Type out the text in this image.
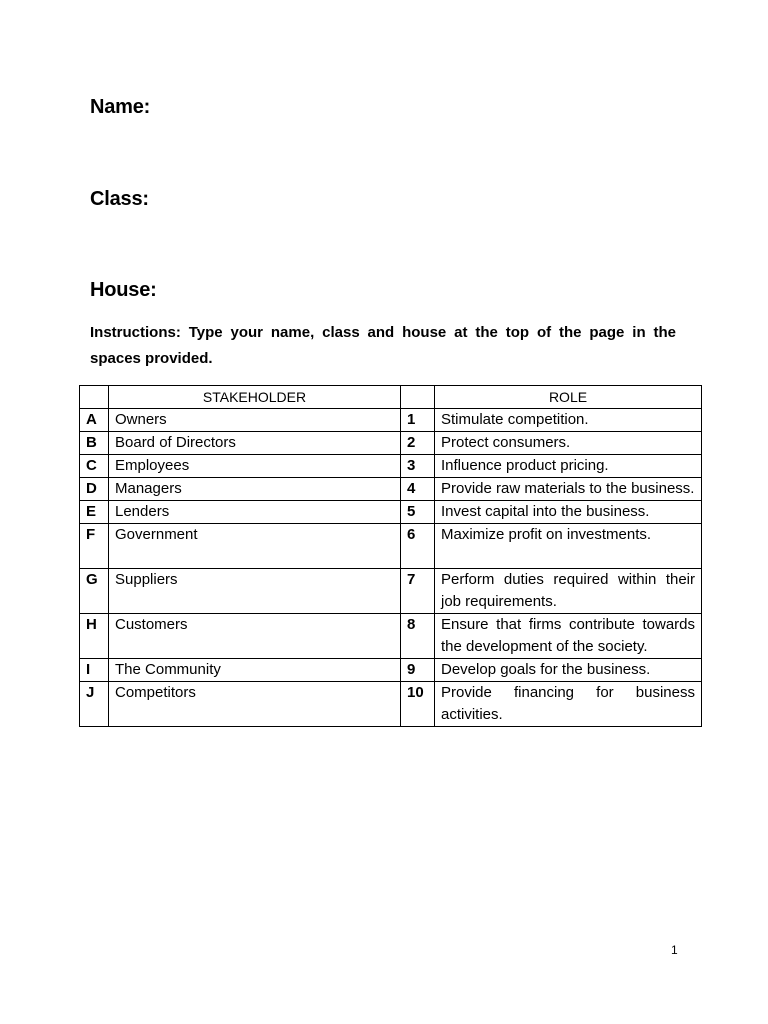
Name:
Class:
House:
Instructions: Type your name, class and house at the top of the page in the spaces provided.
	STAKEHOLDER		ROLE
A	Owners	1	Stimulate competition.
B	Board of Directors	2	Protect consumers.
C	Employees	3	Influence product pricing.
D	Managers	4	Provide raw materials to the business.
E	Lenders	5	Invest capital into the business.
F	Government	6	Maximize profit on investments.
G	Suppliers	7	Perform duties required within their job requirements.
H	Customers	8	Ensure that firms contribute towards the development of the society.
I	The Community	9	Develop goals for the business.
J	Competitors	10	Provide financing for business activities.
1
